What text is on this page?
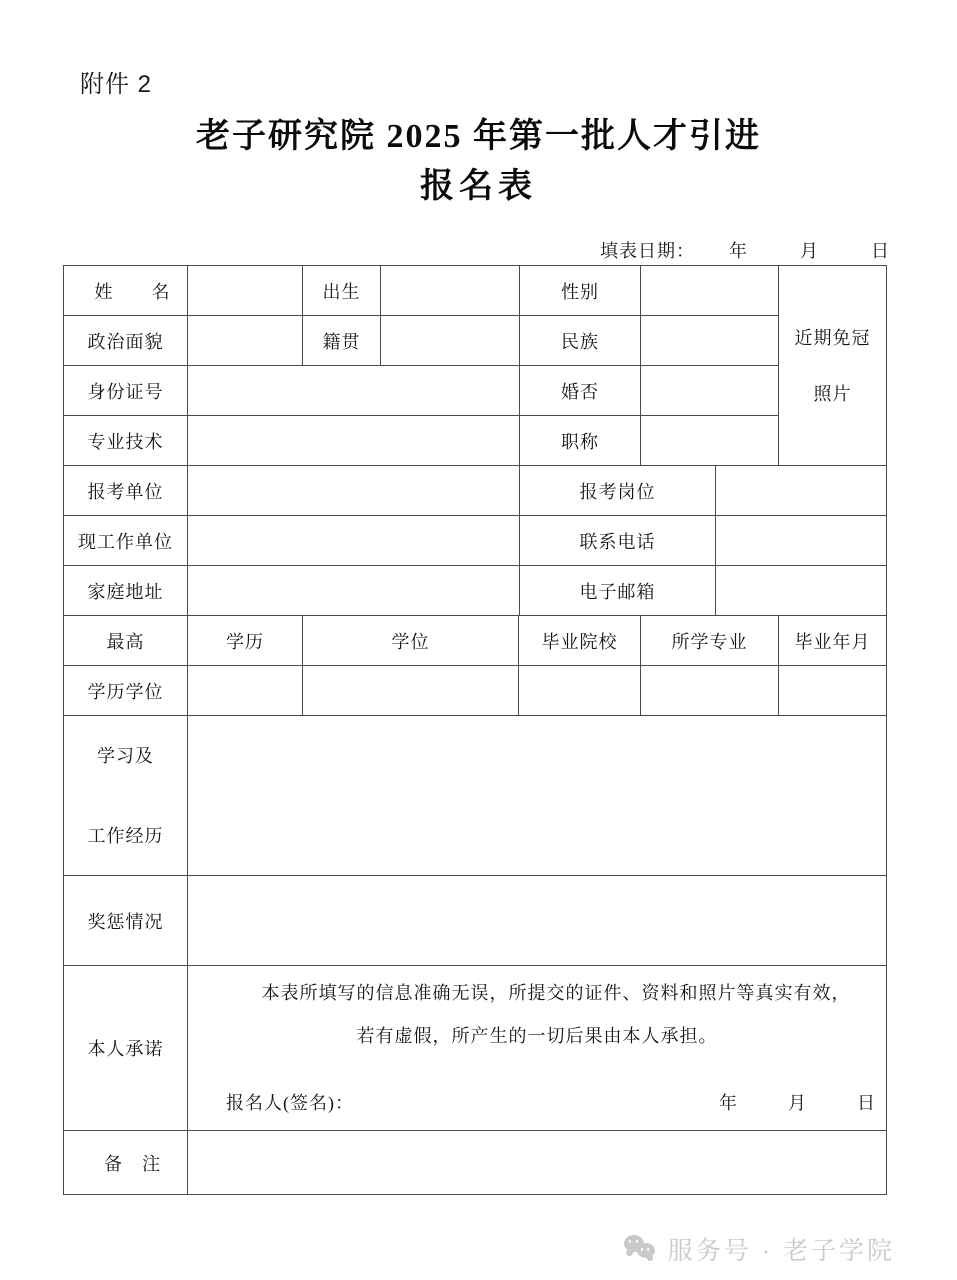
附件 2
老子研究院 2025 年第一批人才引进
报名表
填表日期： 年	月	日
姓　　名		出生		性别			近期免冠
照片

政治面貌		籍贯		民族			
身份证号				婚否			
专业技术				职称			
报考单位				报考岗位			
现工作单位				联系电话			
家庭地址				电子邮箱			
最高	学历	学位		毕业院校	所学专业		毕业年月
学历学位							

学习及
工作经历							

奖惩情况							
本人承诺	
本表所填写的信息准确无误，所提交的证件、资料和照片等真实有效，
若有虚假，所产生的一切后果由本人承担。
报名人(签名)：	年	月	日

备　注							
服务号 · 老子学院
